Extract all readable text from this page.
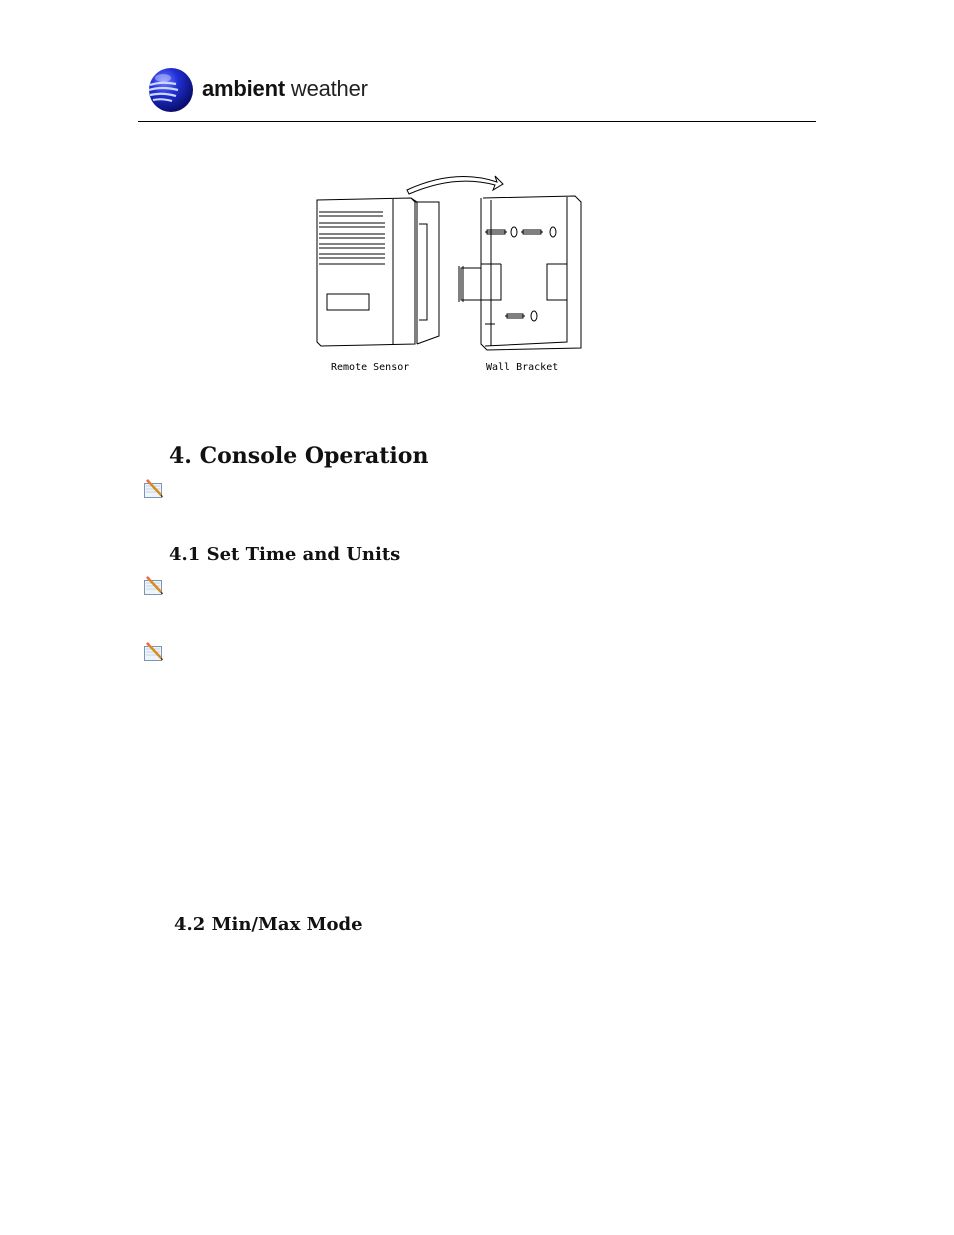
ambient weather
Remote Sensor	Wall Bracket
4. Console Operation
4.1 Set Time and Units
4.2 Min/Max Mode
